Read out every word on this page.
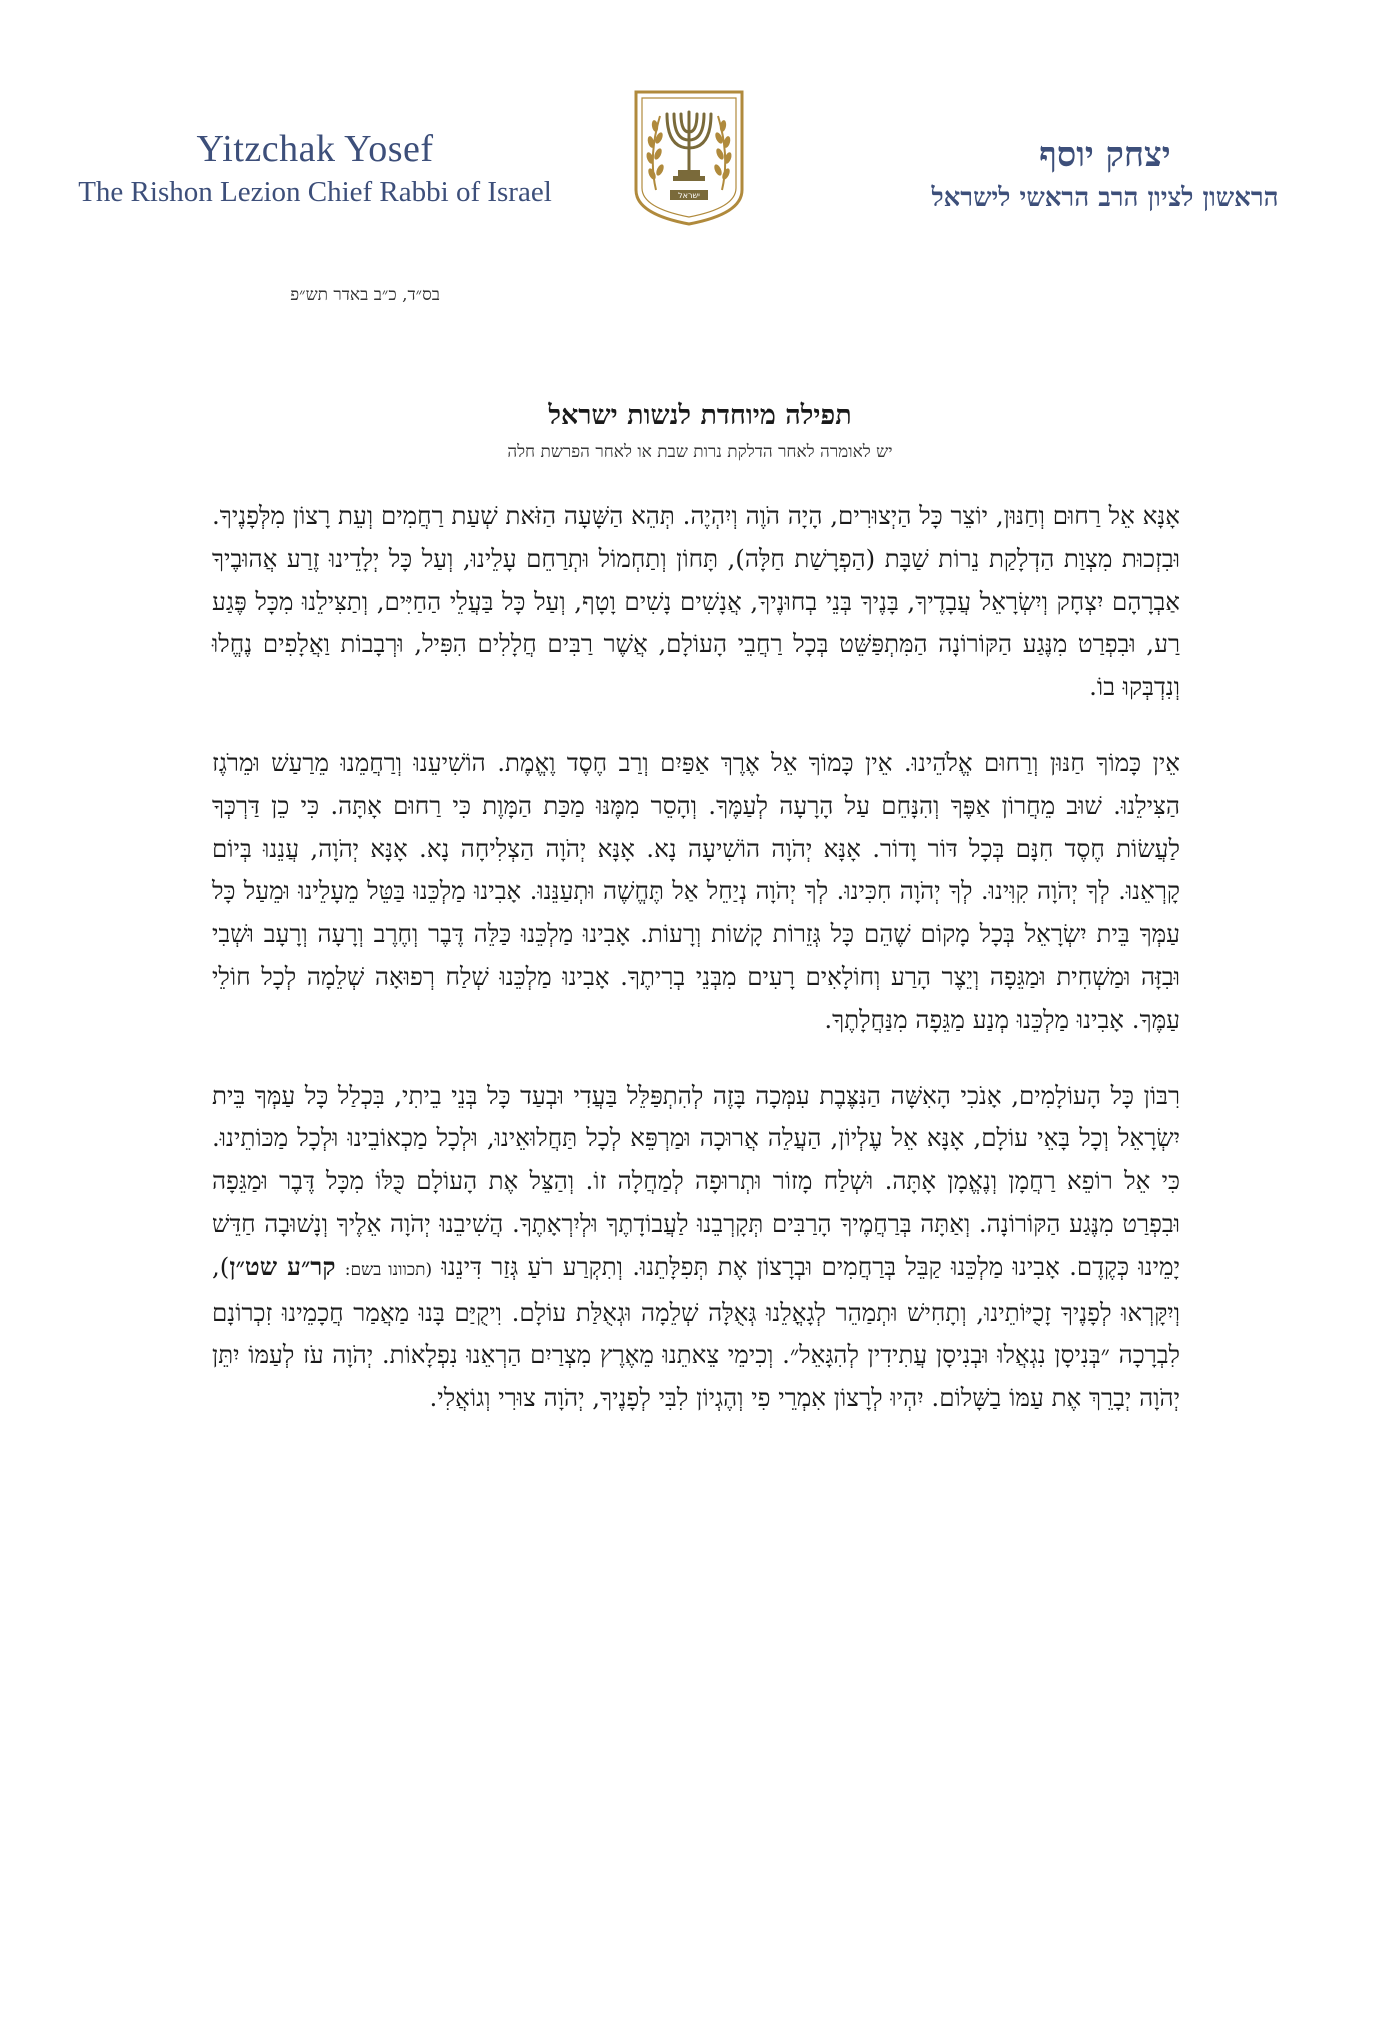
Yitzchak Yosef
The Rishon Lezion Chief Rabbi of Israel	ישראל
יצחק יוסף
הראשון לציון הרב הראשי לישראל
בס״ד, כ״ב באדר תש״פ
תפילה מיוחדת לנשות ישראל
יש לאומרה לאחר הדלקת נרות שבת או לאחר הפרשת חלה

אָנָּא אֵל רַחוּם וְחַנּוּן, יוֹצֵר כָּל הַיְצוּרִים, הָיָה הֹוֶה וְיִהְיֶה. תְּהֵא הַשָּׁעָה הַזֹּאת שְׁעַת רַחֲמִים וְעֵת רָצוֹן מִלְּפָנֶיךָ. וּבִזְכוּת מִצְוַת הַדְלָקַת נֵרוֹת שַׁבָּת (הַפְרָשַׁת חַלָּה), תָּחוֹן וְתַחְמוֹל וּתְרַחֵם עָלֵינוּ, וְעַל כָּל יְלָדֵינוּ זֶרַע אֲהוּבֶיךָ אַבְרָהָם יִצְחָק וְיִשְׂרָאֵל עֲבָדֶיךָ, בָּנֶיךָ בְּנֵי בְחוּנֶיךָ, אֲנָשִׁים נָשִׁים וָטָף, וְעַל כָּל בַּעֲלֵי הַחַיִּים, וְתַצִּילֵנוּ מִכָּל פֶּגַע רַע, וּבִפְרַט מִנֶּגַע הַקּוֹרוֹנָה הַמִּתְפַּשֵּׁט בְּכָל רַחֲבֵי הָעוֹלָם, אֲשֶׁר רַבִּים חֲלָלִים הִפִּיל, וּרְבָבוֹת וַאֲלָפִים נֶחֱלוּ וְנִדְבְּקוּ בוֹ.

אֵין כָּמוֹךָ חַנּוּן וְרַחוּם אֱלֹהֵינוּ. אֵין כָּמוֹךָ אֵל אֶרֶךְ אַפַּיִם וְרַב חֶסֶד וֶאֱמֶת. הוֹשִׁיעֵנוּ וְרַחֲמֵנוּ מֵרַעַשׁ וּמֵרֹגֶז הַצִּילֵנוּ. שׁוּב מֵחֲרוֹן אַפֶּךָ וְהִנָּחֵם עַל הָרָעָה לְעַמֶּךָ. וְהָסֵר מִמֶּנּוּ מַכַּת הַמָּוֶת כִּי רַחוּם אָתָּה. כִּי כֵן דַּרְכְּךָ לַעֲשׂוֹת חֶסֶד חִנָּם בְּכָל דּוֹר וָדוֹר. אָנָּא יְהֹוָה הוֹשִׁיעָה נָא. אָנָּא יְהֹוָה הַצְלִיחָה נָא. אָנָּא יְהֹוָה, עֲנֵנוּ בְּיוֹם קָרְאֵנוּ. לְךָ יְהֹוָה קִוִּינוּ. לְךָ יְהֹוָה חִכִּינוּ. לְךָ יְהֹוָה נְיַחֵל אַל תֶּחֱשֶׁה וּתְעַנֵּנוּ. אָבִינוּ מַלְכֵּנוּ בַּטֵּל מֵעָלֵינוּ וּמֵעַל כָּל עַמְּךָ בֵּית יִשְׂרָאֵל בְּכָל מָקוֹם שֶׁהֵם כָּל גְּזֵרוֹת קָשׁוֹת וְרָעוֹת. אָבִינוּ מַלְכֵּנוּ כַּלֵּה דֶּבֶר וְחֶרֶב וְרָעָה וְרָעָב וּשְׁבִי וּבִזָּה וּמַשְׁחִית וּמַגֵּפָה וְיֵצֶר הָרַע וְחוֹלָאִים רָעִים מִבְּנֵי בְרִיתֶךָ. אָבִינוּ מַלְכֵּנוּ שְׁלַח רְפוּאָה שְׁלֵמָה לְכָל חוֹלֵי עַמֶּךָ. אָבִינוּ מַלְכֵּנוּ מְנַע מַגֵּפָה מִנַּחֲלָתֶךָ.

רִבּוֹן כָּל הָעוֹלָמִים, אָנֹכִי הָאִשָּׁה הַנִּצֶּבֶת עִמְּכָה בָּזֶה לְהִתְפַּלֵּל בַּעֲדִי וּבְעַד כָּל בְּנֵי בֵיתִי, בִּכְלַל כָּל עַמְּךָ בֵּית יִשְׂרָאֵל וְכָל בָּאֵי עוֹלָם, אָנָּא אֵל עֶלְיוֹן, הַעֲלֵה אֲרוּכָה וּמַרְפֵּא לְכָל תַּחֲלוּאֵינוּ, וּלְכָל מַכְאוֹבֵינוּ וּלְכָל מַכּוֹתֵינוּ. כִּי אֵל רוֹפֵא רַחֲמָן וְנֶאֱמָן אָתָּה. וּשְׁלַח מָזוֹר וּתְרוּפָה לְמַחֲלָה זוֹ. וְהַצֵּל אֶת הָעוֹלָם כֻּלּוֹ מִכָּל דֶּבֶר וּמַגֵּפָה וּבִפְרַט מִנֶּגַע הַקּוֹרוֹנָה. וְאַתָּה בְּרַחֲמֶיךָ הָרַבִּים תְּקָרְבֵנוּ לַעֲבוֹדָתֶךָ וּלְיִרְאָתֶךָ. הֲשִׁיבֵנוּ יְהֹוָה אֵלֶיךָ וְנָשׁוּבָה חַדֵּשׁ יָמֵינוּ כְּקֶדֶם. אָבִינוּ מַלְכֵּנוּ קַבֵּל בְּרַחֲמִים וּבְרָצוֹן אֶת תְּפִלָּתֵנוּ. וְתִקְרַע רֹעַ גְּזַר דִּינֵנוּ (תכוונו בשם: קר״ע שט״ן), וְיִקָּרְאוּ לְפָנֶיךָ זָכֻיּוֹתֵינוּ, וְתָחִישׁ וּתְמַהֵר לְגָאֳלֵנוּ גְּאֻלָּה שְׁלֵמָה וּגְאֻלַּת עוֹלָם. וִיקֻיַּם בָּנוּ מַאֲמַר חֲכָמֵינוּ זִכְרוֹנָם לִבְרָכָה ״בְּנִיסָן נִגְאֲלוּ וּבְנִיסָן עֲתִידִין לְהִגָּאֵל״. וְכִימֵי צֵאתֵנוּ מֵאֶרֶץ מִצְרַיִם הַרְאֵנוּ נִפְלָאוֹת. יְהֹוָה עֹז לְעַמּוֹ יִתֵּן יְהֹוָה יְבָרֵךְ אֶת עַמּוֹ בַשָּׁלוֹם. יִהְיוּ לְרָצוֹן אִמְרֵי פִי וְהֶגְיוֹן לִבִּי לְפָנֶיךָ, יְהֹוָה צוּרִי וְגוֹאֲלִי.
